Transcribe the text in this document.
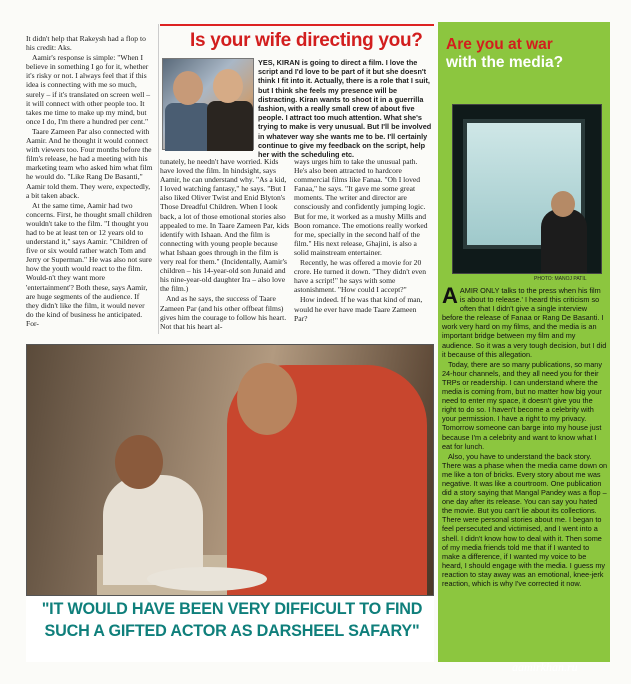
It didn't help that Rakeysh had a flop to his credit: Aks.

Aamir's response is simple: "When I believe in something I go for it, whether it's risky or not. I always feel that if this idea is connecting with me so much, surely – if it's translated on screen well – it will connect with other people too. It takes me time to make up my mind, but once I do, I'm there a hundred per cent."

Taare Zameen Par also connected with Aamir. And he thought it would connect with viewers too. Four months before the film's release, he had a meeting with his marketing team who asked him what film he would do. "Like Rang De Basanti," Aamir told them. They were, expectedly, a bit taken aback.

At the same time, Aamir had two concerns. First, he thought small children wouldn't take to the film. "I thought you had to be at least ten or 12 years old to understand it," says Aamir. "Children of five or six would rather watch Tom and Jerry or Superman." He was also not sure how the youth would react to the film. Would-n't they want more 'entertainment'? Both these, says Aamir, are huge segments of the audience. If they didn't like the film, it would never do the kind of business he anticipated. For-

Is your wife directing you?
YES, KIRAN is going to direct a film. I love the script and I'd love to be part of it but she doesn't think I fit into it. Actually, there is a role that I suit, but I think she feels my presence will be distracting. Kiran wants to shoot it in a guerrilla fashion, with a really small crew of about five people. I attract too much attention. What she's trying to make is very unusual. But I'll be involved in whatever way she wants me to be. I'll certainly continue to give my feedback on the script, help her with the scheduling etc.

tunately, he needn't have worried. Kids have loved the film. In hindsight, says Aamir, he can understand why. "As a kid, I loved watching fantasy," he says. "But I also liked Oliver Twist and Enid Blyton's Those Dreadful Children. When I look back, a lot of those emotional stories also appealed to me. In Taare Zameen Par, kids identify with Ishaan. And the film is connecting with young people because what Ishaan goes through in the film is very real for them." (Incidentally, Aamir's children – his 14-year-old son Junaid and his nine-year-old daughter Ira – also love the film.)

And as he says, the success of Taare Zameen Par (and his other offbeat films) gives him the courage to follow his heart. Not that his heart al-

ways urges him to take the unusual path. He's also been attracted to hardcore commercial films like Fanaa. "Oh I loved Fanaa," he says. "It gave me some great moments. The writer and director are consciously and confidently jumping logic. But for me, it worked as a mushy Mills and Boon romance. The emotions really worked for me, specially in the second half of the film." His next release, Ghajini, is also a solid mainstream entertainer.

Recently, he was offered a movie for 20 crore. He turned it down. "They didn't even have a script!" he says with some astonishment. "How could I accept?"

How indeed. If he was that kind of man, would he ever have made Taare Zameen Par?

Are you at war
with the media?
PHOTO: MANOJ PATIL

AAMIR ONLY talks to the press when his film is about to release.' I heard this criticism so often that I didn't give a single interview before the release of Fanaa or Rang De Basanti. I work very hard on my films, and the media is an important bridge between my film and my audience. So it was a very tough decision, but I did it because of this allegation.

Today, there are so many publications, so many 24-hour channels, and they all need you for their TRPs or readership. I can understand where the media is coming from, but no matter how big your need to enter my space, it doesn't give you the right to do so. I haven't become a celebrity with your permission. I have a right to my privacy. Tomorrow someone can barge into my house just because I'm a celebrity and want to know what I eat for lunch.

Also, you have to understand the back story. There was a phase when the media came down on me like a ton of bricks. Every story about me was negative. It was like a courtroom. One publication did a story saying that Mangal Pandey was a flop – one day after its release. You can say you hated the movie. But you can't lie about its collections. There were personal stories about me. I began to feel persecuted and victimised, and I went into a shell. I didn't know how to deal with it. Then some of my media friends told me that if I wanted to make a difference, if I wanted my voice to be heard, I should engage with the media. I guess my reaction to stay away was an emotional, knee-jerk reaction, which is why I've corrected it now.

"IT WOULD HAVE BEEN VERY DIFFICULT TO FIND SUCH A GIFTED ACTOR AS DARSHEEL SAFARY"
aamirkhan.ru
